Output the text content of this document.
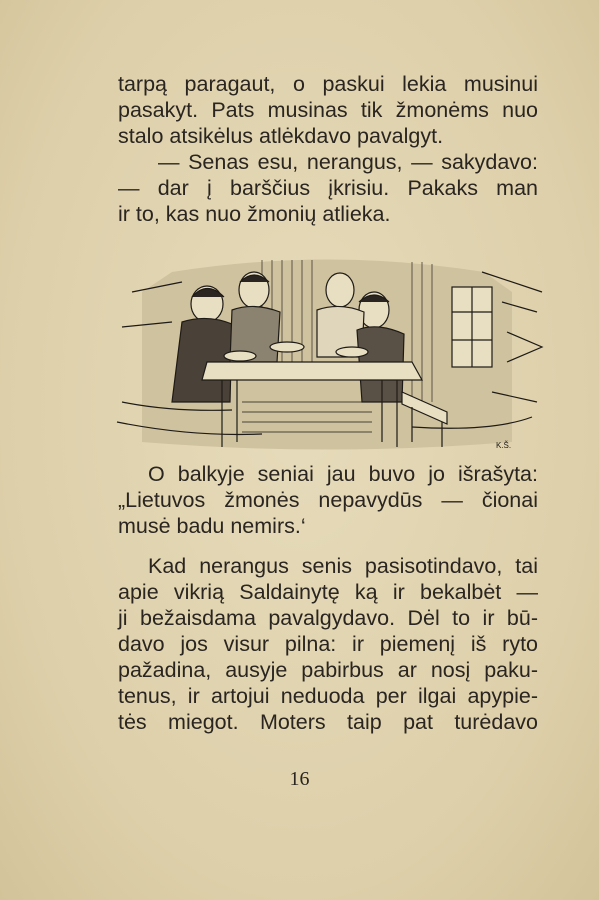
tarpą paragaut, o paskui lekia musinui
pasakyt. Pats musinas tik žmonėms nuo
stalo atsikėlus atlėkdavo pavalgyt.
— Senas esu, nerangus, — sakydavo:
— dar į barščius įkrisiu. Pakaks man
ir to, kas nuo žmonių atlieka.
K.Š.
O balkyje seniai jau buvo jo išrašyta:
„Lietuvos žmonės nepavydūs — čionai
musė badu nemirs.‘
Kad nerangus senis pasisotindavo, tai
apie vikrią Saldainytę ką ir bekalbėt —
ji bežaisdama pavalgydavo. Dėl to ir bū-
davo jos visur pilna: ir piemenį iš ryto
pažadina, ausyje pabirbus ar nosį paku-
tenus, ir artojui neduoda per ilgai apypie-
tės miegot. Moters taip pat turėdavo
16
